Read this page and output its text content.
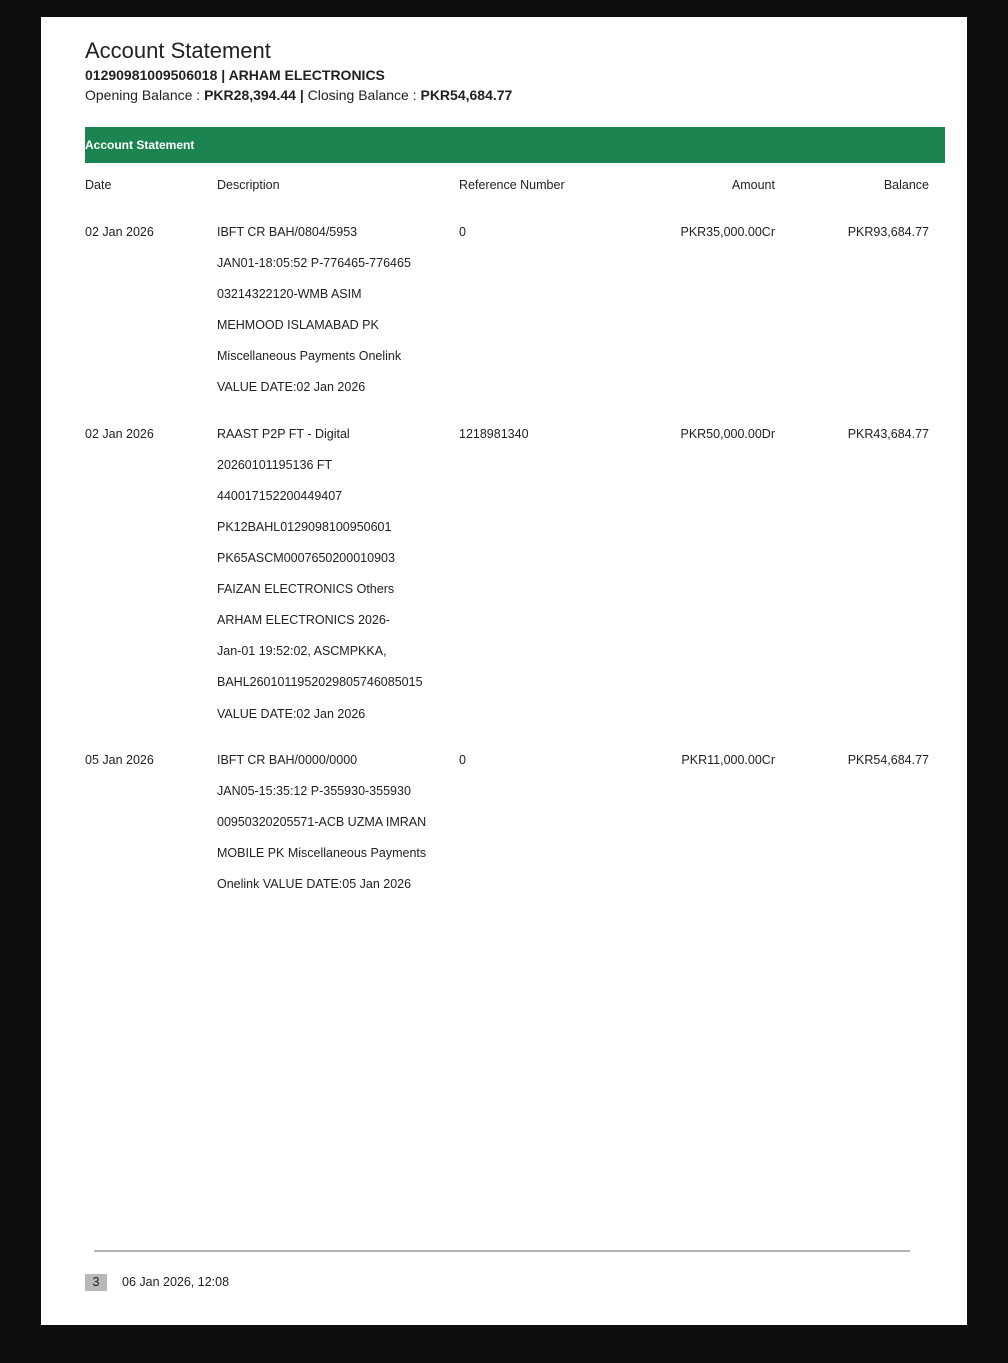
Account Statement
01290981009506018 | ARHAM ELECTRONICS
Opening Balance : PKR28,394.44 | Closing Balance : PKR54,684.77
Account Statement
Date	Description	Reference Number	Amount	Balance
02 Jan 2026	IBFT CR BAH/0804/5953
JAN01-18:05:52 P-776465-776465
03214322120-WMB ASIM
MEHMOOD ISLAMABAD PK
Miscellaneous Payments Onelink
VALUE DATE:02 Jan 2026
0	PKR35,000.00Cr	PKR93,684.77
02 Jan 2026	RAAST P2P FT - Digital
20260101195136 FT
440017152200449407
PK12BAHL0129098100950601
PK65ASCM0007650200010903
FAIZAN ELECTRONICS Others
ARHAM ELECTRONICS 2026-
Jan-01 19:52:02, ASCMPKKA,
BAHL2601011952029805746085015
VALUE DATE:02 Jan 2026
1218981340	PKR50,000.00Dr	PKR43,684.77
05 Jan 2026	IBFT CR BAH/0000/0000
JAN05-15:35:12 P-355930-355930
00950320205571-ACB UZMA IMRAN
MOBILE PK Miscellaneous Payments
Onelink VALUE DATE:05 Jan 2026
0	PKR11,000.00Cr	PKR54,684.77
3	06 Jan 2026, 12:08
